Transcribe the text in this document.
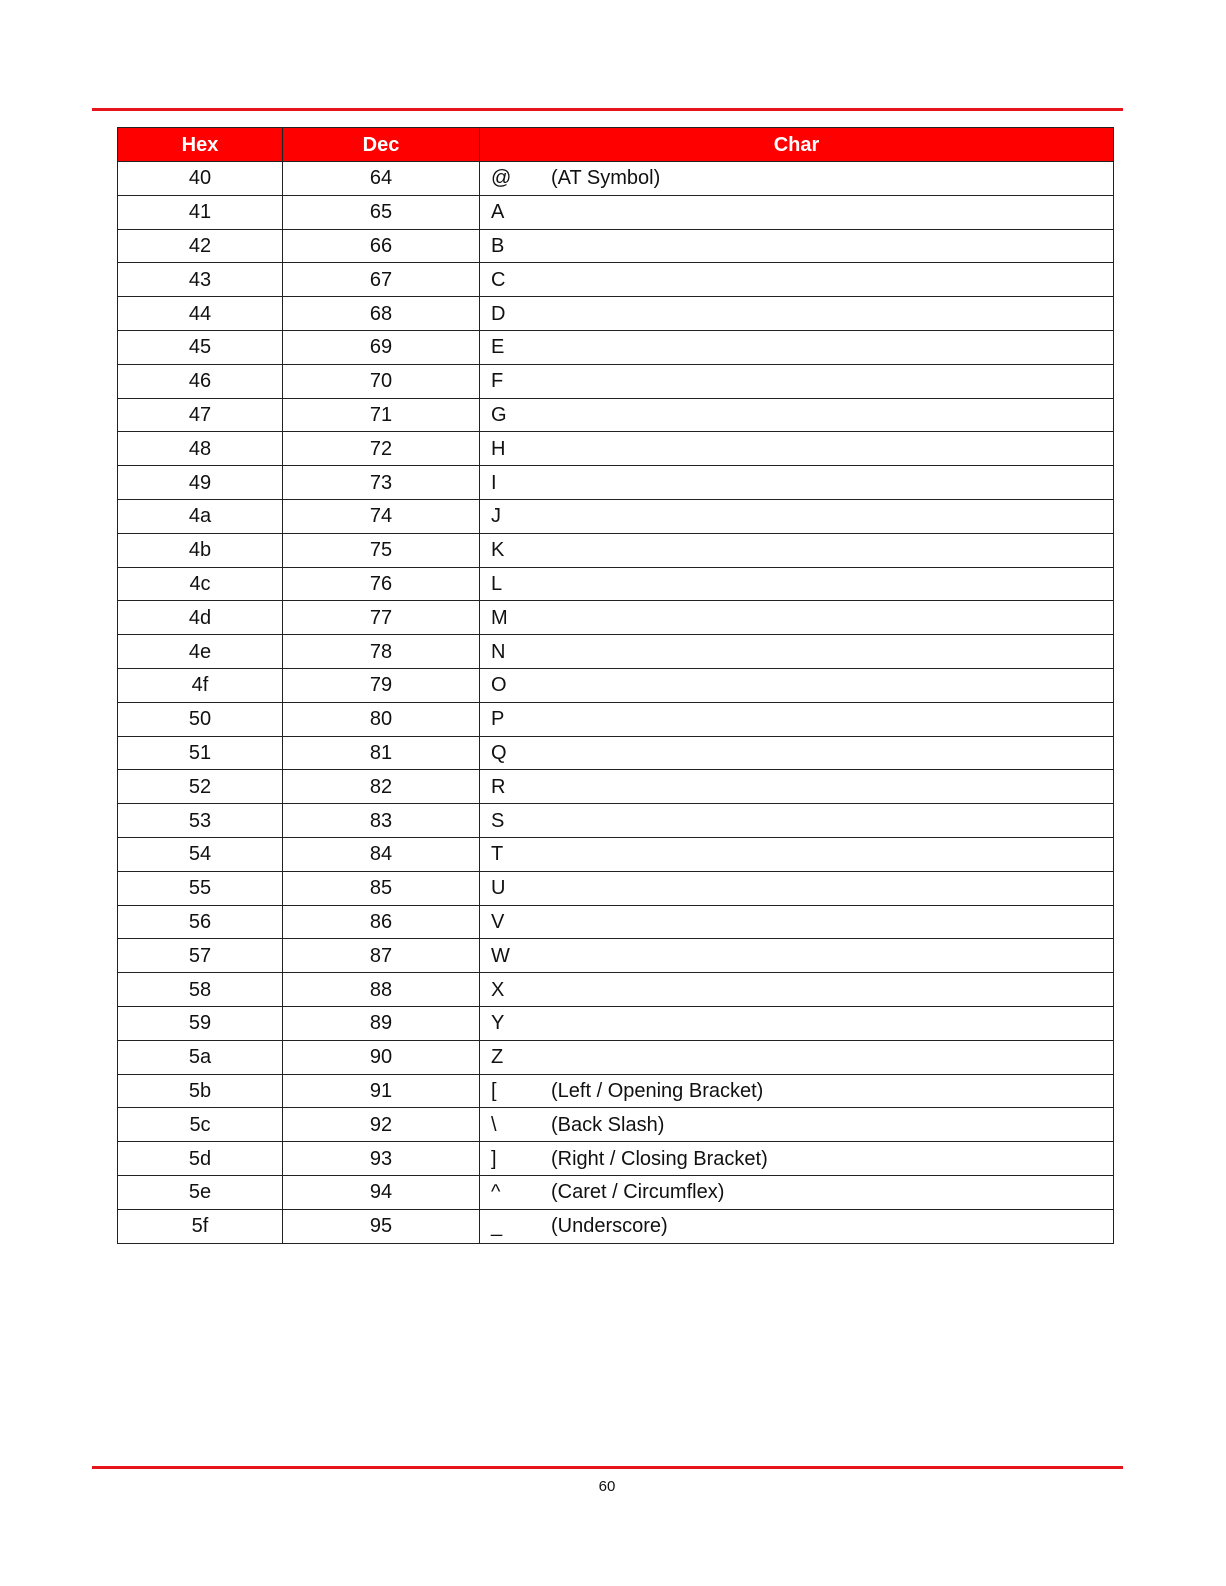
Hex	Dec	Char
40	64	@ (AT Symbol)
41	65	A
42	66	B
43	67	C
44	68	D
45	69	E
46	70	F
47	71	G
48	72	H
49	73	I
4a	74	J
4b	75	K
4c	76	L
4d	77	M
4e	78	N
4f	79	O
50	80	P
51	81	Q
52	82	R
53	83	S
54	84	T
55	85	U
56	86	V
57	87	W
58	88	X
59	89	Y
5a	90	Z
5b	91	[ (Left / Opening Bracket)
5c	92	\ (Back Slash)
5d	93	] (Right / Closing Bracket)
5e	94	^ (Caret / Circumflex)
5f	95	_ (Underscore)
60
